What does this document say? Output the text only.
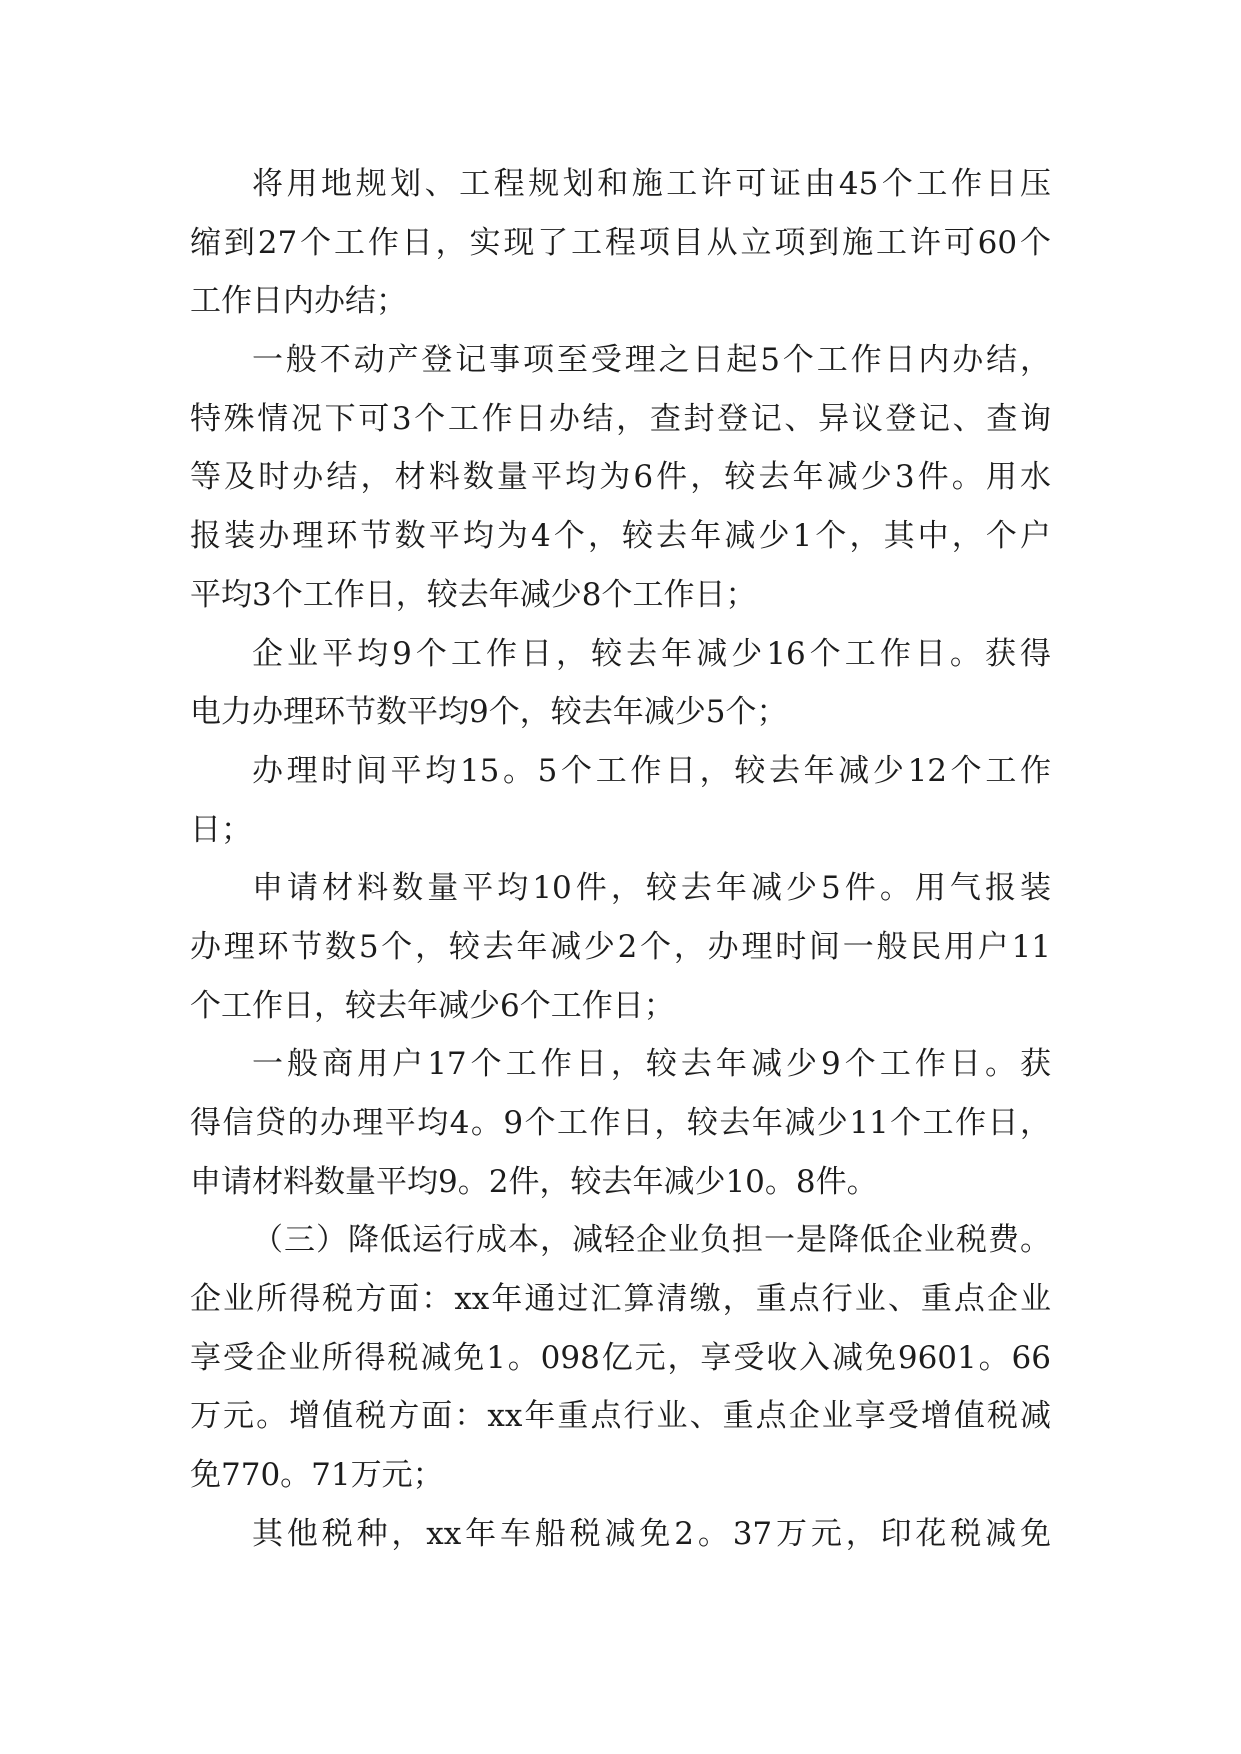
将用地规划、工程规划和施工许可证由45个工作日压
缩到27个工作日，实现了工程项目从立项到施工许可60个
工作日内办结；
一般不动产登记事项至受理之日起5个工作日内办结，
特殊情况下可3个工作日办结，查封登记、异议登记、查询
等及时办结，材料数量平均为6件，较去年减少3件。用水
报装办理环节数平均为4个，较去年减少1个，其中，个户
平均3个工作日，较去年减少8个工作日；
企业平均9个工作日，较去年减少16个工作日。获得
电力办理环节数平均9个，较去年减少5个；
办理时间平均15。5个工作日，较去年减少12个工作
日；
申请材料数量平均10件，较去年减少5件。用气报装
办理环节数5个，较去年减少2个，办理时间一般民用户11
个工作日，较去年减少6个工作日；
一般商用户17个工作日，较去年减少9个工作日。获
得信贷的办理平均4。9个工作日，较去年减少11个工作日，
申请材料数量平均9。2件，较去年减少10。8件。
（三）降低运行成本，减轻企业负担一是降低企业税费。
企业所得税方面：xx年通过汇算清缴，重点行业、重点企业
享受企业所得税减免1。098亿元，享受收入减免9601。66
万元。增值税方面：xx年重点行业、重点企业享受增值税减
免770。71万元；
其他税种，xx年车船税减免2。37万元，印花税减免
